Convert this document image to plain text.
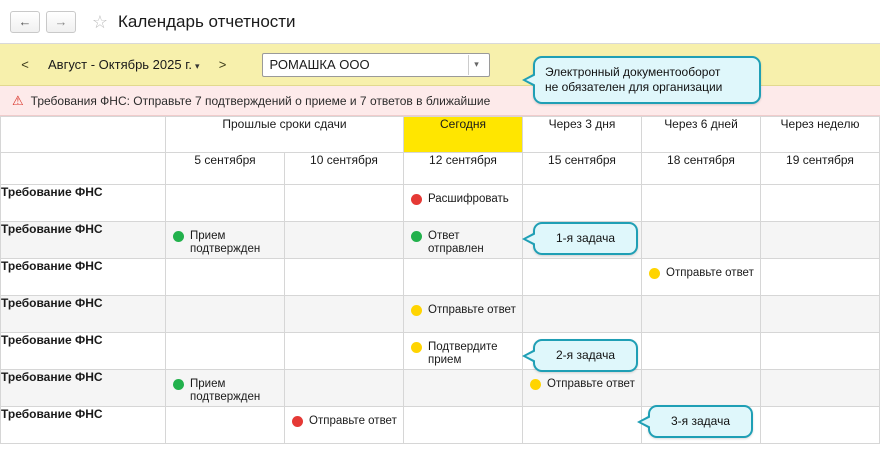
← → ☆ Календарь отчетности
<	Август - Октябрь 2025 г. ▾	>	РОМАШКА ООО	▾
⚠ Требования ФНС: Отправьте 7 подтверждений о приеме и 7 ответов в ближайшие
	Прошлые сроки сдачи		Сегодня	Через 3 дня	Через 6 дней	Через неделю
	5 сентября	10 сентября	12 сентября	15 сентября	18 сентября	19 сентября
Требование ФНС			Расшифровать			

Требование ФНС	Прием подтвержден		Ответ отправлен			

Требование ФНС					Отправьте ответ	

Требование ФНС			Отправьте ответ			

Требование ФНС			Подтвердите прием			

Требование ФНС	Прием подтвержден			Отправьте ответ		

Требование ФНС		Отправьте ответ				

Электронный документооборот
не обязателен для организации
1-я задача
2-я задача
3-я задача
